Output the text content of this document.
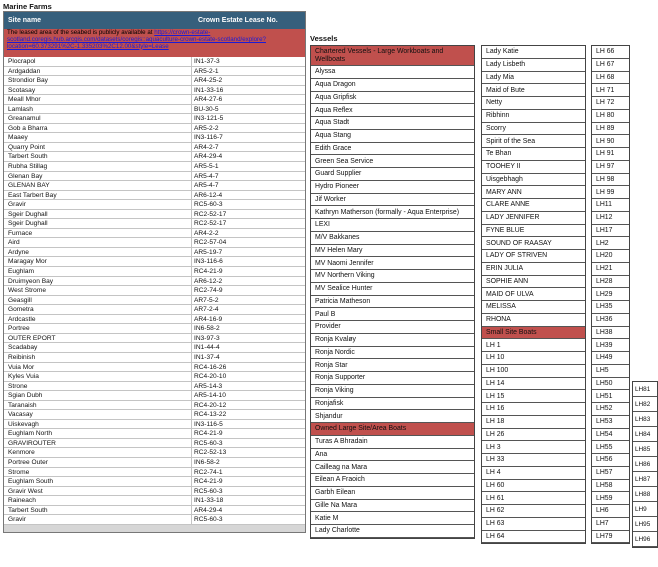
Marine Farms
Site name	Crown Estate Lease No.
The leased area of the seabed is publicly available at https://crown-estate-scotland.coregis.hub.arcgis.com/datasets/coregis::aquaculture-crown-estate-scotland/explore?location=60.373291%2C-1.335203%2C12.00&style=Lease
Plocrapol	IN1-37-3
Ardgaddan	AR5-2-1
Strondior Bay	AR4-25-2
Scotasay	IN1-33-16
Meall Mhor	AR4-27-6
Lamlash	BU-30-5
Greanamul	IN3-121-5
Gob a Bharra	AR5-2-2
Maaey	IN3-116-7
Quarry Point	AR4-2-7
Tarbert South	AR4-29-4
Rubha Stillag	AR5-5-1
Glenan Bay	AR5-4-7
GLENAN BAY	AR5-4-7
East Tarbert Bay	AR6-12-4
Gravir	RC5-60-3
Sgeir Dughall	RC2-52-17
Sgeir Dughall	RC2-52-17
Furnace	AR4-2-2
Aird	RC2-57-04
Ardyne	AR5-19-7
Maragay Mor	IN3-116-6
Eughlam	RC4-21-9
Druimyeon Bay	AR6-12-2
West Strome	RC2-74-9
Geasgill	AR7-5-2
Gometra	AR7-2-4
Ardcastle	AR4-16-9
Portree	IN6-58-2
OUTER EPORT	IN3-97-3
Scadabay	IN1-44-4
Reibinish	IN1-37-4
Vuia Mor	RC4-16-26
Kyles Vuia	RC4-20-10
Strone	AR5-14-3
Sgian Dubh	AR5-14-10
Taranaish	RC4-20-12
Vacasay	RC4-13-22
Uiskevagh	IN3-116-5
Eughlam North	RC4-21-9
GRAVIROUTER	RC5-60-3
Kenmore	RC2-52-13
Portree Outer	IN6-58-2
Strome	RC2-74-1
Eughlam South	RC4-21-9
Gravir West	RC5-60-3
Raineach	IN1-33-18
Tarbert South	AR4-29-4
Gravir	RC5-60-3
Vessels
Chartered Vessels - Large Workboats and Wellboats
Alyssa
Aqua Dragon
Aqua Gripfisk
Aqua Reflex
Aqua Stadt
Aqua Stang
Edith Grace
Green Sea Service
Guard Supplier
Hydro Pioneer
Jif Worker
Kathryn Matherson (formally - Aqua Enterprise)
LEXI
M/V Bakkanes
MV Helen Mary
MV Naomi Jennifer
MV Northern Viking
MV Sealice Hunter
Patricia Matheson
Paul B
Provider
Ronja Kvaløy
Ronja Nordic
Ronja Star
Ronja Supporter
Ronja Viking
Ronjafisk
Shjandur
Owned Large Site/Area Boats
Turas A Bhradain
Ana
Cailleag na Mara
Eilean A Fraoich
Garbh Eilean
Gille Na Mara
Katie M
Lady Charlotte
Lady Katie
Lady Lisbeth
Lady Mia
Maid of Bute
Netty
Ribhinn
Scorry
Spirit of the Sea
Te Bhan
TOOHEY II
Uisgebhagh
MARY ANN
CLARE ANNE
LADY JENNIFER
FYNE BLUE
SOUND OF RAASAY
LADY OF STRIVEN
ERIN JULIA
SOPHIE ANN
MAID OF ULVA
MELISSA
RHONA
Small Site Boats
LH 1
LH 10
LH 100
LH 14
LH 15
LH 16
LH 18
LH 26
LH 3
LH 33
LH 4
LH 60
LH 61
LH 62
LH 63
LH 64
LH 66
LH 67
LH 68
LH 71
LH 72
LH 80
LH 89
LH 90
LH 91
LH 97
LH 98
LH 99
LH11
LH12
LH17
LH2
LH20
LH21
LH28
LH29
LH35
LH36
LH38
LH39
LH49
LH5
LH50
LH51
LH52
LH53
LH54
LH55
LH56
LH57
LH58
LH59
LH6
LH7
LH79
LH81
LH82
LH83
LH84
LH85
LH86
LH87
LH88
LH9
LH95
LH96
